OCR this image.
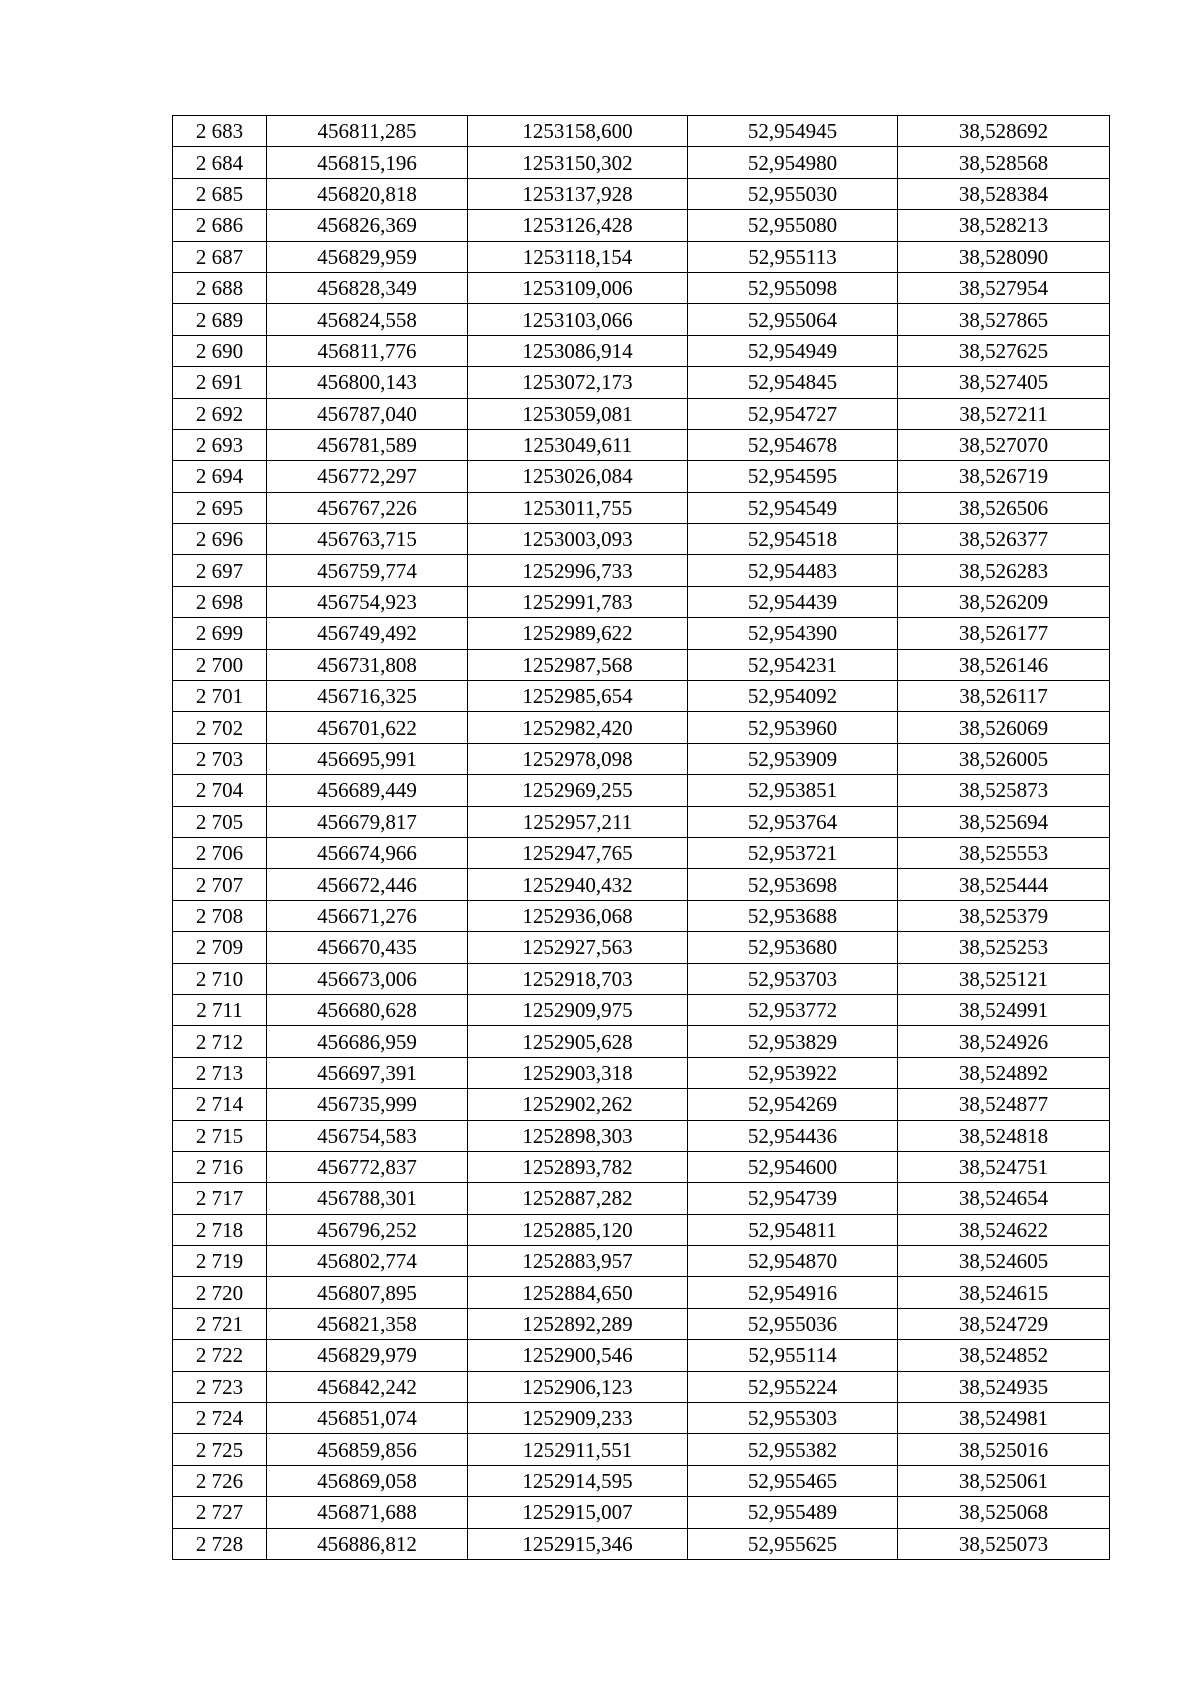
2 683	456811,285	1253158,600	52,954945	38,528692
2 684	456815,196	1253150,302	52,954980	38,528568
2 685	456820,818	1253137,928	52,955030	38,528384
2 686	456826,369	1253126,428	52,955080	38,528213
2 687	456829,959	1253118,154	52,955113	38,528090
2 688	456828,349	1253109,006	52,955098	38,527954
2 689	456824,558	1253103,066	52,955064	38,527865
2 690	456811,776	1253086,914	52,954949	38,527625
2 691	456800,143	1253072,173	52,954845	38,527405
2 692	456787,040	1253059,081	52,954727	38,527211
2 693	456781,589	1253049,611	52,954678	38,527070
2 694	456772,297	1253026,084	52,954595	38,526719
2 695	456767,226	1253011,755	52,954549	38,526506
2 696	456763,715	1253003,093	52,954518	38,526377
2 697	456759,774	1252996,733	52,954483	38,526283
2 698	456754,923	1252991,783	52,954439	38,526209
2 699	456749,492	1252989,622	52,954390	38,526177
2 700	456731,808	1252987,568	52,954231	38,526146
2 701	456716,325	1252985,654	52,954092	38,526117
2 702	456701,622	1252982,420	52,953960	38,526069
2 703	456695,991	1252978,098	52,953909	38,526005
2 704	456689,449	1252969,255	52,953851	38,525873
2 705	456679,817	1252957,211	52,953764	38,525694
2 706	456674,966	1252947,765	52,953721	38,525553
2 707	456672,446	1252940,432	52,953698	38,525444
2 708	456671,276	1252936,068	52,953688	38,525379
2 709	456670,435	1252927,563	52,953680	38,525253
2 710	456673,006	1252918,703	52,953703	38,525121
2 711	456680,628	1252909,975	52,953772	38,524991
2 712	456686,959	1252905,628	52,953829	38,524926
2 713	456697,391	1252903,318	52,953922	38,524892
2 714	456735,999	1252902,262	52,954269	38,524877
2 715	456754,583	1252898,303	52,954436	38,524818
2 716	456772,837	1252893,782	52,954600	38,524751
2 717	456788,301	1252887,282	52,954739	38,524654
2 718	456796,252	1252885,120	52,954811	38,524622
2 719	456802,774	1252883,957	52,954870	38,524605
2 720	456807,895	1252884,650	52,954916	38,524615
2 721	456821,358	1252892,289	52,955036	38,524729
2 722	456829,979	1252900,546	52,955114	38,524852
2 723	456842,242	1252906,123	52,955224	38,524935
2 724	456851,074	1252909,233	52,955303	38,524981
2 725	456859,856	1252911,551	52,955382	38,525016
2 726	456869,058	1252914,595	52,955465	38,525061
2 727	456871,688	1252915,007	52,955489	38,525068
2 728	456886,812	1252915,346	52,955625	38,525073
